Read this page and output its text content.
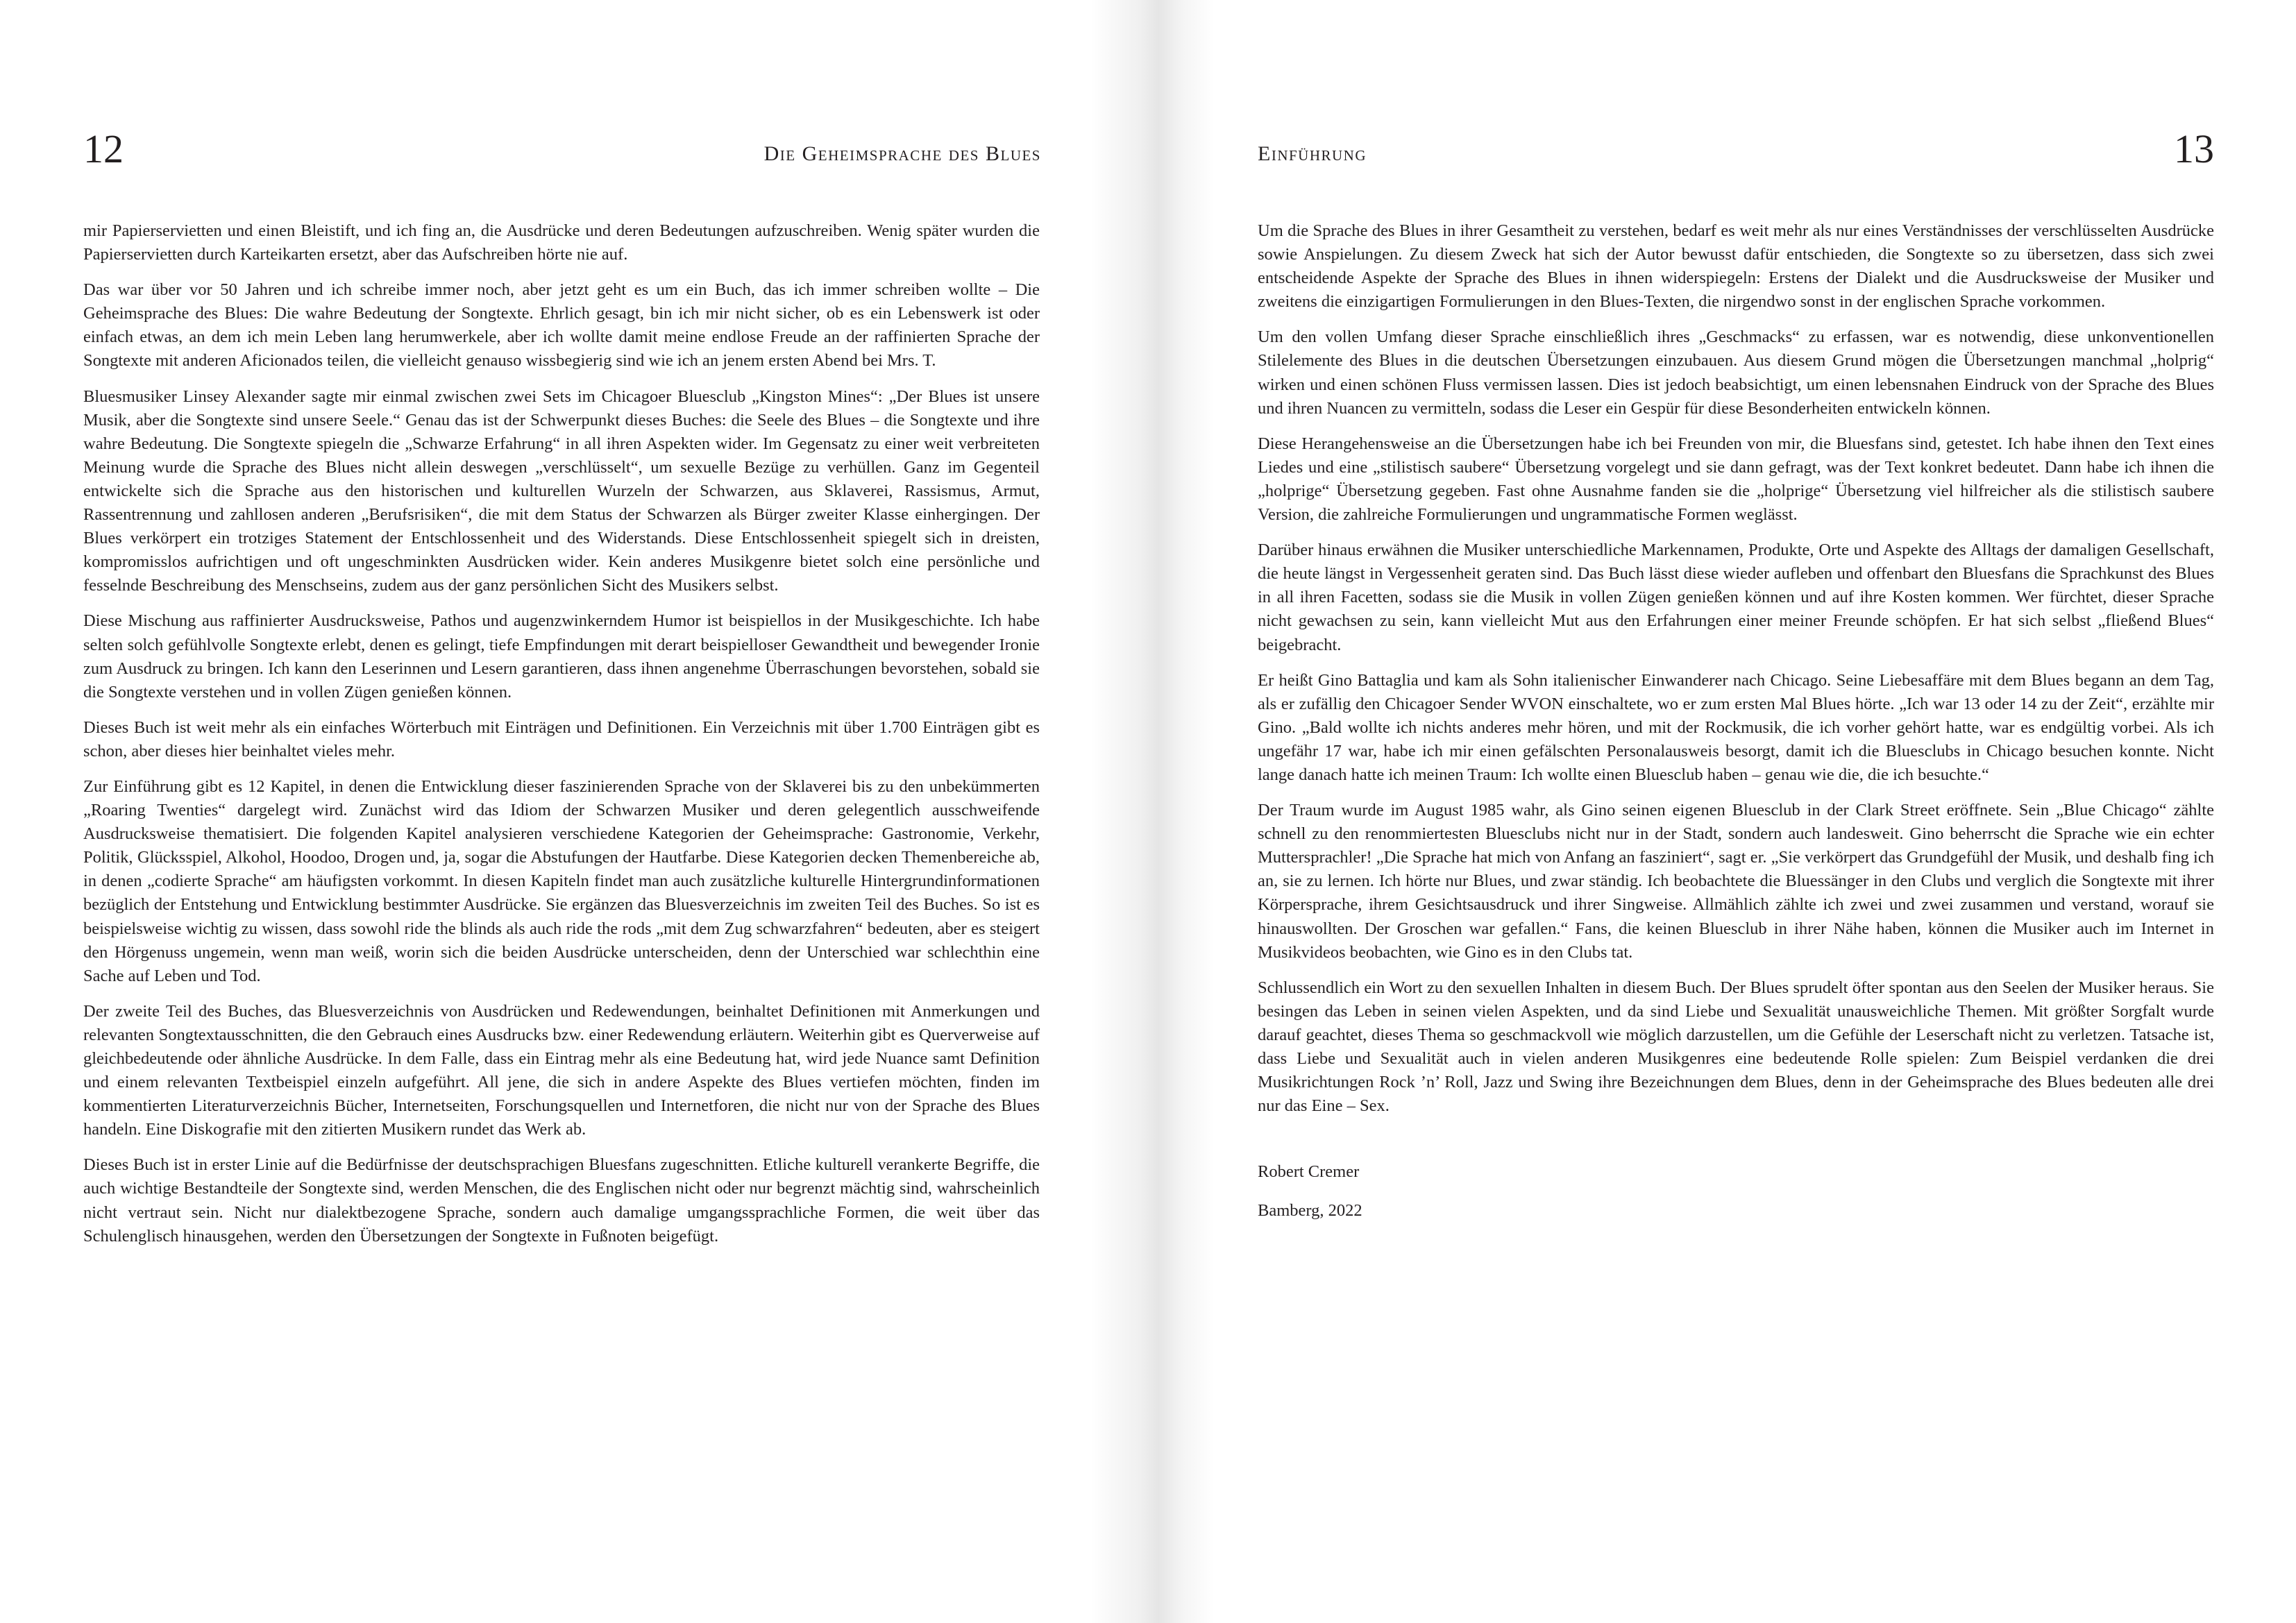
12	Die Geheimsprache des Blues

mir Papierservietten und einen Bleistift, und ich fing an, die Ausdrücke und deren Bedeutungen aufzuschreiben. Wenig später wurden die Papierservietten durch Karteikarten ersetzt, aber das Aufschreiben hörte nie auf.

Das war über vor 50 Jahren und ich schreibe immer noch, aber jetzt geht es um ein Buch, das ich immer schreiben wollte – Die Geheimsprache des Blues: Die wahre Bedeutung der Songtexte. Ehrlich gesagt, bin ich mir nicht sicher, ob es ein Lebenswerk ist oder einfach etwas, an dem ich mein Leben lang herumwerkele, aber ich wollte damit meine endlose Freude an der raffinierten Sprache der Songtexte mit anderen Aficionados teilen, die vielleicht genauso wissbegierig sind wie ich an jenem ersten Abend bei Mrs. T.

Bluesmusiker Linsey Alexander sagte mir einmal zwischen zwei Sets im Chicagoer Bluesclub „Kingston Mines“: „Der Blues ist unsere Musik, aber die Songtexte sind unsere Seele.“ Genau das ist der Schwerpunkt dieses Buches: die Seele des Blues – die Songtexte und ihre wahre Bedeutung. Die Songtexte spiegeln die „Schwarze Erfahrung“ in all ihren Aspekten wider. Im Gegensatz zu einer weit verbreiteten Meinung wurde die Sprache des Blues nicht allein deswegen „verschlüsselt“, um sexuelle Bezüge zu verhüllen. Ganz im Gegenteil entwickelte sich die Sprache aus den historischen und kulturellen Wurzeln der Schwarzen, aus Sklaverei, Rassismus, Armut, Rassentrennung und zahllosen anderen „Berufsrisiken“, die mit dem Status der Schwarzen als Bürger zweiter Klasse einhergingen. Der Blues verkörpert ein trotziges Statement der Entschlossenheit und des Widerstands. Diese Entschlossenheit spiegelt sich in dreisten, kompromisslos aufrichtigen und oft ungeschminkten Ausdrücken wider. Kein anderes Musikgenre bietet solch eine persönliche und fesselnde Beschreibung des Menschseins, zudem aus der ganz persönlichen Sicht des Musikers selbst.

Diese Mischung aus raffinierter Ausdrucksweise, Pathos und augenzwinkerndem Humor ist beispiellos in der Musikgeschichte. Ich habe selten solch gefühlvolle Songtexte erlebt, denen es gelingt, tiefe Empfindungen mit derart beispielloser Gewandtheit und bewegender Ironie zum Ausdruck zu bringen. Ich kann den Leserinnen und Lesern garantieren, dass ihnen angenehme Überraschungen bevorstehen, sobald sie die Songtexte verstehen und in vollen Zügen genießen können.

Dieses Buch ist weit mehr als ein einfaches Wörterbuch mit Einträgen und Definitionen. Ein Verzeichnis mit über 1.700 Einträgen gibt es schon, aber dieses hier beinhaltet vieles mehr.

Zur Einführung gibt es 12 Kapitel, in denen die Entwicklung dieser faszinierenden Sprache von der Sklaverei bis zu den unbekümmerten „Roaring Twenties“ dargelegt wird. Zunächst wird das Idiom der Schwarzen Musiker und deren gelegentlich ausschweifende Ausdrucksweise thematisiert. Die folgenden Kapitel analysieren verschiedene Kategorien der Geheimsprache: Gastronomie, Verkehr, Politik, Glücksspiel, Alkohol, Hoodoo, Drogen und, ja, sogar die Abstufungen der Hautfarbe. Diese Kategorien decken Themenbereiche ab, in denen „codierte Sprache“ am häufigsten vorkommt. In diesen Kapiteln findet man auch zusätzliche kulturelle Hintergrundinformationen bezüglich der Entstehung und Entwicklung bestimmter Ausdrücke. Sie ergänzen das Bluesverzeichnis im zweiten Teil des Buches. So ist es beispielsweise wichtig zu wissen, dass sowohl ride the blinds als auch ride the rods „mit dem Zug schwarzfahren“ bedeuten, aber es steigert den Hörgenuss ungemein, wenn man weiß, worin sich die beiden Ausdrücke unterscheiden, denn der Unterschied war schlechthin eine Sache auf Leben und Tod.

Der zweite Teil des Buches, das Bluesverzeichnis von Ausdrücken und Redewendungen, beinhaltet Definitionen mit Anmerkungen und relevanten Songtextausschnitten, die den Gebrauch eines Ausdrucks bzw. einer Redewendung erläutern. Weiterhin gibt es Querverweise auf gleichbedeutende oder ähnliche Ausdrücke. In dem Falle, dass ein Eintrag mehr als eine Bedeutung hat, wird jede Nuance samt Definition und einem relevanten Textbeispiel einzeln aufgeführt. All jene, die sich in andere Aspekte des Blues vertiefen möchten, finden im kommentierten Literaturverzeichnis Bücher, Internetseiten, Forschungsquellen und Internetforen, die nicht nur von der Sprache des Blues handeln. Eine Diskografie mit den zitierten Musikern rundet das Werk ab.

Dieses Buch ist in erster Linie auf die Bedürfnisse der deutschsprachigen Bluesfans zugeschnitten. Etliche kulturell verankerte Begriffe, die auch wichtige Bestandteile der Songtexte sind, werden Menschen, die des Englischen nicht oder nur begrenzt mächtig sind, wahrscheinlich nicht vertraut sein. Nicht nur dialektbezogene Sprache, sondern auch damalige umgangssprachliche Formen, die weit über das Schulenglisch hinausgehen, werden den Übersetzungen der Songtexte in Fußnoten beigefügt.

Einführung	13

Um die Sprache des Blues in ihrer Gesamtheit zu verstehen, bedarf es weit mehr als nur eines Verständnisses der verschlüsselten Ausdrücke sowie Anspielungen. Zu diesem Zweck hat sich der Autor bewusst dafür entschieden, die Songtexte so zu übersetzen, dass sich zwei entscheidende Aspekte der Sprache des Blues in ihnen widerspiegeln: Erstens der Dialekt und die Ausdrucksweise der Musiker und zweitens die einzigartigen Formulierungen in den Blues-Texten, die nirgendwo sonst in der englischen Sprache vorkommen.

Um den vollen Umfang dieser Sprache einschließlich ihres „Geschmacks“ zu erfassen, war es notwendig, diese unkonventionellen Stilelemente des Blues in die deutschen Übersetzungen einzubauen. Aus diesem Grund mögen die Übersetzungen manchmal „holprig“ wirken und einen schönen Fluss vermissen lassen. Dies ist jedoch beabsichtigt, um einen lebensnahen Eindruck von der Sprache des Blues und ihren Nuancen zu vermitteln, sodass die Leser ein Gespür für diese Besonderheiten entwickeln können.

Diese Herangehensweise an die Übersetzungen habe ich bei Freunden von mir, die Bluesfans sind, getestet. Ich habe ihnen den Text eines Liedes und eine „stilistisch saubere“ Übersetzung vorgelegt und sie dann gefragt, was der Text konkret bedeutet. Dann habe ich ihnen die „holprige“ Übersetzung gegeben. Fast ohne Ausnahme fanden sie die „holprige“ Übersetzung viel hilfreicher als die stilistisch saubere Version, die zahlreiche Formulierungen und ungrammatische Formen weglässt.

Darüber hinaus erwähnen die Musiker unterschiedliche Markennamen, Produkte, Orte und Aspekte des Alltags der damaligen Gesellschaft, die heute längst in Vergessenheit geraten sind. Das Buch lässt diese wieder aufleben und offenbart den Bluesfans die Sprachkunst des Blues in all ihren Facetten, sodass sie die Musik in vollen Zügen genießen können und auf ihre Kosten kommen. Wer fürchtet, dieser Sprache nicht gewachsen zu sein, kann vielleicht Mut aus den Erfahrungen einer meiner Freunde schöpfen. Er hat sich selbst „fließend Blues“ beigebracht.

Er heißt Gino Battaglia und kam als Sohn italienischer Einwanderer nach Chicago. Seine Liebesaffäre mit dem Blues begann an dem Tag, als er zufällig den Chicagoer Sender WVON einschaltete, wo er zum ersten Mal Blues hörte. „Ich war 13 oder 14 zu der Zeit“, erzählte mir Gino. „Bald wollte ich nichts anderes mehr hören, und mit der Rockmusik, die ich vorher gehört hatte, war es endgültig vorbei. Als ich ungefähr 17 war, habe ich mir einen gefälschten Personalausweis besorgt, damit ich die Bluesclubs in Chicago besuchen konnte. Nicht lange danach hatte ich meinen Traum: Ich wollte einen Bluesclub haben – genau wie die, die ich besuchte.“

Der Traum wurde im August 1985 wahr, als Gino seinen eigenen Bluesclub in der Clark Street eröffnete. Sein „Blue Chicago“ zählte schnell zu den renommiertesten Bluesclubs nicht nur in der Stadt, sondern auch landesweit. Gino beherrscht die Sprache wie ein echter Muttersprachler! „Die Sprache hat mich von Anfang an fasziniert“, sagt er. „Sie verkörpert das Grundgefühl der Musik, und deshalb fing ich an, sie zu lernen. Ich hörte nur Blues, und zwar ständig. Ich beobachtete die Bluessänger in den Clubs und verglich die Songtexte mit ihrer Körpersprache, ihrem Gesichtsausdruck und ihrer Singweise. Allmählich zählte ich zwei und zwei zusammen und verstand, worauf sie hinauswollten. Der Groschen war gefallen.“ Fans, die keinen Bluesclub in ihrer Nähe haben, können die Musiker auch im Internet in Musikvideos beobachten, wie Gino es in den Clubs tat.

Schlussendlich ein Wort zu den sexuellen Inhalten in diesem Buch. Der Blues sprudelt öfter spontan aus den Seelen der Musiker heraus. Sie besingen das Leben in seinen vielen Aspekten, und da sind Liebe und Sexualität unausweichliche Themen. Mit größter Sorgfalt wurde darauf geachtet, dieses Thema so geschmackvoll wie möglich darzustellen, um die Gefühle der Leserschaft nicht zu verletzen. Tatsache ist, dass Liebe und Sexualität auch in vielen anderen Musikgenres eine bedeutende Rolle spielen: Zum Beispiel verdanken die drei Musikrichtungen Rock ’n’ Roll, Jazz und Swing ihre Bezeichnungen dem Blues, denn in der Geheimsprache des Blues bedeuten alle drei nur das Eine – Sex.

Robert Cremer

Bamberg, 2022
